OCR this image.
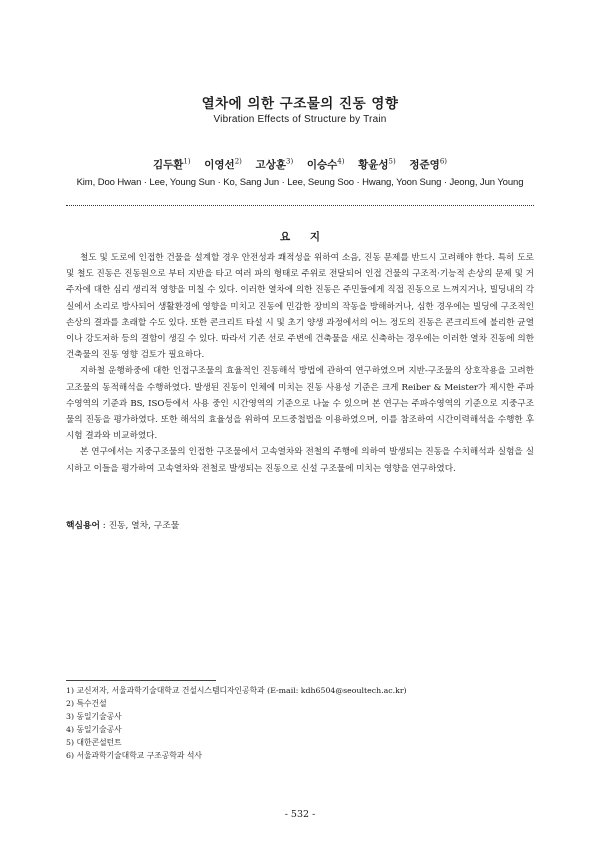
열차에 의한 구조물의 진동 영향
Vibration Effects of Structure by Train
김두환$^{1)}$ 이영선$^{2)}$ 고상훈$^{3)}$ 이승수$^{4)}$ 황윤성$^{5)}$ 정준영$^{6)}$
Kim, Doo Hwan · Lee, Young Sun · Ko, Sang Jun · Lee, Seung Soo · Hwang, Yoon Sung · Jeong, Jun Young
요 지

철도 및 도로에 인접한 건물을 설계할 경우 안전성과 쾌적성을 위하여 소음, 진동 문제를 반드시 고려해야 한다. 특히 도로 및 철도 진동은 진동원으로 부터 지반을 타고 여러 파의 형태로 주위로 전달되어 인접 건물의 구조적·기능적 손상의 문제 및 거주자에 대한 심리 생리적 영향을 미칠 수 있다. 이러한 열차에 의한 진동은 주민들에게 직접 진동으로 느껴지거나, 빌딩내의 각 실에서 소리로 방사되어 생활환경에 영향을 미치고 진동에 민감한 장비의 작동을 방해하거나, 심한 경우에는 빌딩에 구조적인 손상의 결과를 초래할 수도 있다. 또한 콘크리트 타설 시 및 초기 양생 과정에서의 어느 정도의 진동은 콘크리트에 불리한 균열이나 강도저하 등의 결함이 생길 수 있다. 따라서 기존 선로 주변에 건축물을 새로 신축하는 경우에는 이러한 열차 진동에 의한 건축물의 진동 영향 검토가 필요하다.

지하철 운행하중에 대한 인접구조물의 효율적인 진동해석 방법에 관하여 연구하였으며 지반-구조물의 상호작용을 고려한 고조물의 동적해석을 수행하였다. 발생된 진동이 인체에 미치는 진동 사용성 기준은 크게 Reiber & Meister가 제시한 주파수영역의 기준과 BS, ISO등에서 사용 중인 시간영역의 기준으로 나눌 수 있으며 본 연구는 주파수영역의 기준으로 지중구조물의 진동을 평가하였다. 또한 해석의 효율성을 위하여 모드중첩법을 이용하였으며, 이를 참조하여 시간이력해석을 수행한 후 시험 결과와 비교하였다.

본 연구에서는 지중구조물의 인접한 구조물에서 고속열차와 전철의 주행에 의하여 발생되는 진동을 수치해석과 실험을 실시하고 이들을 평가하여 고속열차와 전철로 발생되는 진동으로 신설 구조물에 미치는 영향을 연구하였다.

핵심용어 : 진동, 열차, 구조물
1) 교신저자, 서울과학기술대학교 건설시스템디자인공학과 (E-mail: kdh6504@seoultech.ac.kr)
2) 특수건설
3) 동일기술공사
4) 동일기술공사
5) 대한콘설턴트
6) 서울과학기술대학교 구조공학과 석사
- 532 -
